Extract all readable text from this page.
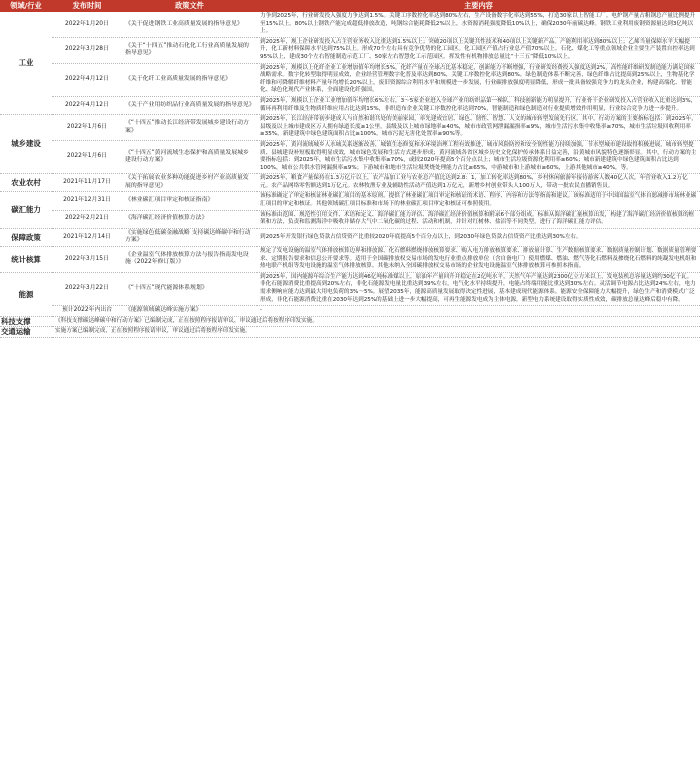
领域/行业	发布时间	政策文件	主要内容
工业	2022年1月20日	《关于促进钢铁工业高质量发展的指导意见》	力争到2025年，行业研发投入强度力争达到1.5%。关键工序数控化率达到80%左右，生产设备数字化率达到55%，打造30家以上智能工厂。电炉钢产量占粗钢总产量比例提升至15%以上。80%以上钢铁产能完成超低排放改造，吨钢综合能耗降低2%以上，水资源消耗强度降低10%以上，确保2030年前碳达峰。钢铁工业利用废钢资源量达到3亿吨以上。
	2022年3月28日	《关于“十四五”推动石化化工行业高质量发展的指导意见》	到2025年，规上企业研发投入占主营业务收入比重达到1.5%以上；突破20项以上关键共性技术和40项以上关键新产品。产能利用率达到80%以上；乙烯当量保障水平大幅提升，化工新材料保障水平达到75%以上。形成70个左右具有竞争优势的化工园区。化工园区产值占行业总产值70%以上。石化、煤化工等重点领域企业主要生产装置自控率达到95%以上，建成30个左右智能制造示范工厂、50家左右智慧化工示范园区。挥发性有机物排放总量比“十三五”降低10%以上。
	2022年4月12日	《关于化纤工业高质量发展的指导意见》	到2025年，规模以上化纤企业工业增加值年均增长5%，化纤产量在全球占比基本稳定，创新能力不断增强，行业研发经费投入强度达到2%，高性能纤维研发制造能力满足国家战略需求。数字化转型取得明显成效，企业经营管理数字化普及率达到80%，关键工序数控化率达到80%。绿色制造体系不断完善，绿色纤维占比提高到25%以上，生物基化学纤维和可降解纤维材料产量年均增长20%以上，废旧资源综合利用水平和规模进一步发展，行业碳排放强度明显降低，形成一批具备较强竞争力的龙头企业，构建高端化、智能化、绿色化现代产业体系，全面建设化纤强国。
	2022年4月12日	《关于产业用纺织品行业高质量发展的指导意见》	到2025年，规模以上企业工业增加值年均增长6%左右，3～5家企业进入全球产业用纺织品第一梯队。科技创新能力明显提升，行业骨干企业研发投入占营业收入比重达到3%，循环再利用纤维及生物质纤维应用占比达到15%，非织造布企业关键工序数控化率达到70%，智能制造和绿色制造对行业提质增效作用明显，行业综合竞争力进一步提升。
城乡建设	2022年1月6日	《“十四五”推动长江经济带发展城乡建设行动方案》	到2025年，长江经济带初步建成人与自然和谐共处的美丽家园，率先建成宜居、绿色、韧性、智慧、人文的城市转型发展先行区。其中，行动方案的主要指标包括：到2025年，县级及以上城市建成区万人拥有绿道长度≥1公里，县级及以上城市绿地率≥40%，城市市政管网泄漏漏损率≤9%，城市生活污水集中收集率≥70%，城市生活垃圾回收利用率≥35%，新建建筑中绿色建筑面积占比≥100%，城市污泥无害化处置率≥90%等。
	2022年1月6日	《“十四五”黄河流域生态保护和高质量发展城乡建设行动方案》	到2025年，黄河流域城乡人水城关系逐渐改善，城镇生态修复和水环境治理工程有效推进，城市风险防控和安全韧性能力持续加强，节水型城市建设取得积极进展，城市转型提质、县城建设补短板取得明显成效，城市绿色发展和生活方式逐步形成；黄河流域各省区城乡历史文化保护传承体系日益完善，沿黄城市风貌特色逐渐彰显。其中，行动方案的主要指标包括：到2025年，城市生活污水集中收集率≥70%，或较2020年提高5个百分点以上；城市生活垃圾资源化利用率≥60%；城市新建建筑中绿色建筑面积占比达到100%，城市公共供水管网漏损率≤9%；下游城市和地市生活垃圾焚烧处理能力占比≥65%，中游城市和上游城市≥60%，上游其他城市≥40%，等。
农业农村	2021年11月17日	《关于拓展农业多种功能促进乡村产业高质量发展的指导意见》	到2025年，粮食产量保持在1.3万亿斤以上，农产品加工业与农业总产值比达到2.8：1，加工转化率达到80%，乡村休闲旅游年接待游客人数40亿人次，年营业收入1.2万亿元。农产品网络零售额达到1万亿元。农林牧渔专业及辅助性活动产值达到1万亿元，新增乡村创业带头人100万人，带动一批农民直播销售员。
碳汇能力	2021年12月31日	《林业碳汇项目审定和核证指南》	该标准确定了审定和核证林业碳汇项目的基本原则，提供了林业碳汇项目审定和核证的术语、程序、内容和方法等指南和建议。该标准适用于中国国温室气体自愿减排市场林业碳汇项目的审定和核证。其他领域碳汇项目标准和市场下的林业碳汇项目审定和核证可参照使用。
	2022年2月21日	《海洋碳汇经济价值核算方法》	该标准由范围、规范性引用文件、术语和定义、海洋碳汇能力评估、海洋碳汇经济价值核算和附录6个部分组成。标准从海洋碳汇量核算出发，构建了海洋碳汇经济价值核算的框架和方法，负责和监测海洋中吸收并储存大气中二氧化碳的过程、活动和机制，并针对红树林、盐沼等不同类型，进行了海洋碳汇能力评估。
保障政策	2021年12月14日	《实施绿色低碳金融战略 支持碳达峰碳中和行动方案》	到2025年开发银行绿色贷款占信贷资产比重较2020年底提高5个百分点以上，到2030年绿色贷款占信贷资产比重达到30%左右。
统计核算	2022年3月15日	《企业温室气体排放核算方法与报告指南发电设施（2022年修订版）》	规定了发电设施的温室气体排放核算边界和排放源、化石燃料燃烧排放核算要求、购入电力排放核算要求、排放量计算、生产数据核算要求、数据质量控制计划、数据质量管理要求、定期报告要求和信息公开要求等。适用于全国碳排放权交易市场的发电行业重点排放单位（含自备电厂）使用燃煤、燃油、燃气等化石燃料及掺烧化石燃料的纯凝发电机组和热电联产机组等发电设施的温室气体排放核算。其他未纳入全国碳排放权交易市场的企业发电设施温室气体排放核算可参照本指南。
能源	2022年3月22日	《“十四五”现代能源体系规划》	到2025年，国内能源年综合生产能力达到46亿吨标准煤以上，原油年产量回升并稳定在2亿吨水平，天然气年产量达到2300亿立方米以上，发电装机总容量达到约30亿千瓦。非化石能源消费比重提高到20%左右，非化石能源发电量比重达到39%左右，电气化水平持续提升，电能占终端用能比重达到30%左右。灵活调节电源占比达到24%左右，电力需求侧响应能力达到最大用电负荷的3%～5%。展望2035年，能源高质量发展取得决定性进展，基本建成现代能源体系。能源安全保障能力大幅提升，绿色生产和消费模式广泛形成，非化石能源消费比重在2030年达到25%的基础上进一步大幅提高，可再生能源发电成为主体电源，新型电力系统建设取得实质性成效，碳排放总量达峰后稳中有降。
	预计2022年内出台	《能源领域碳达峰实施方案》	-
科技支撑	《科技支撑碳达峰碳中和行动方案》已编制完成，正在按照程序报请审议，审议通过后将按程序印发实施。		
交通运输	实施方案已编制完成，正在按照程序报请审议，审议通过后将按程序印发实施。		
